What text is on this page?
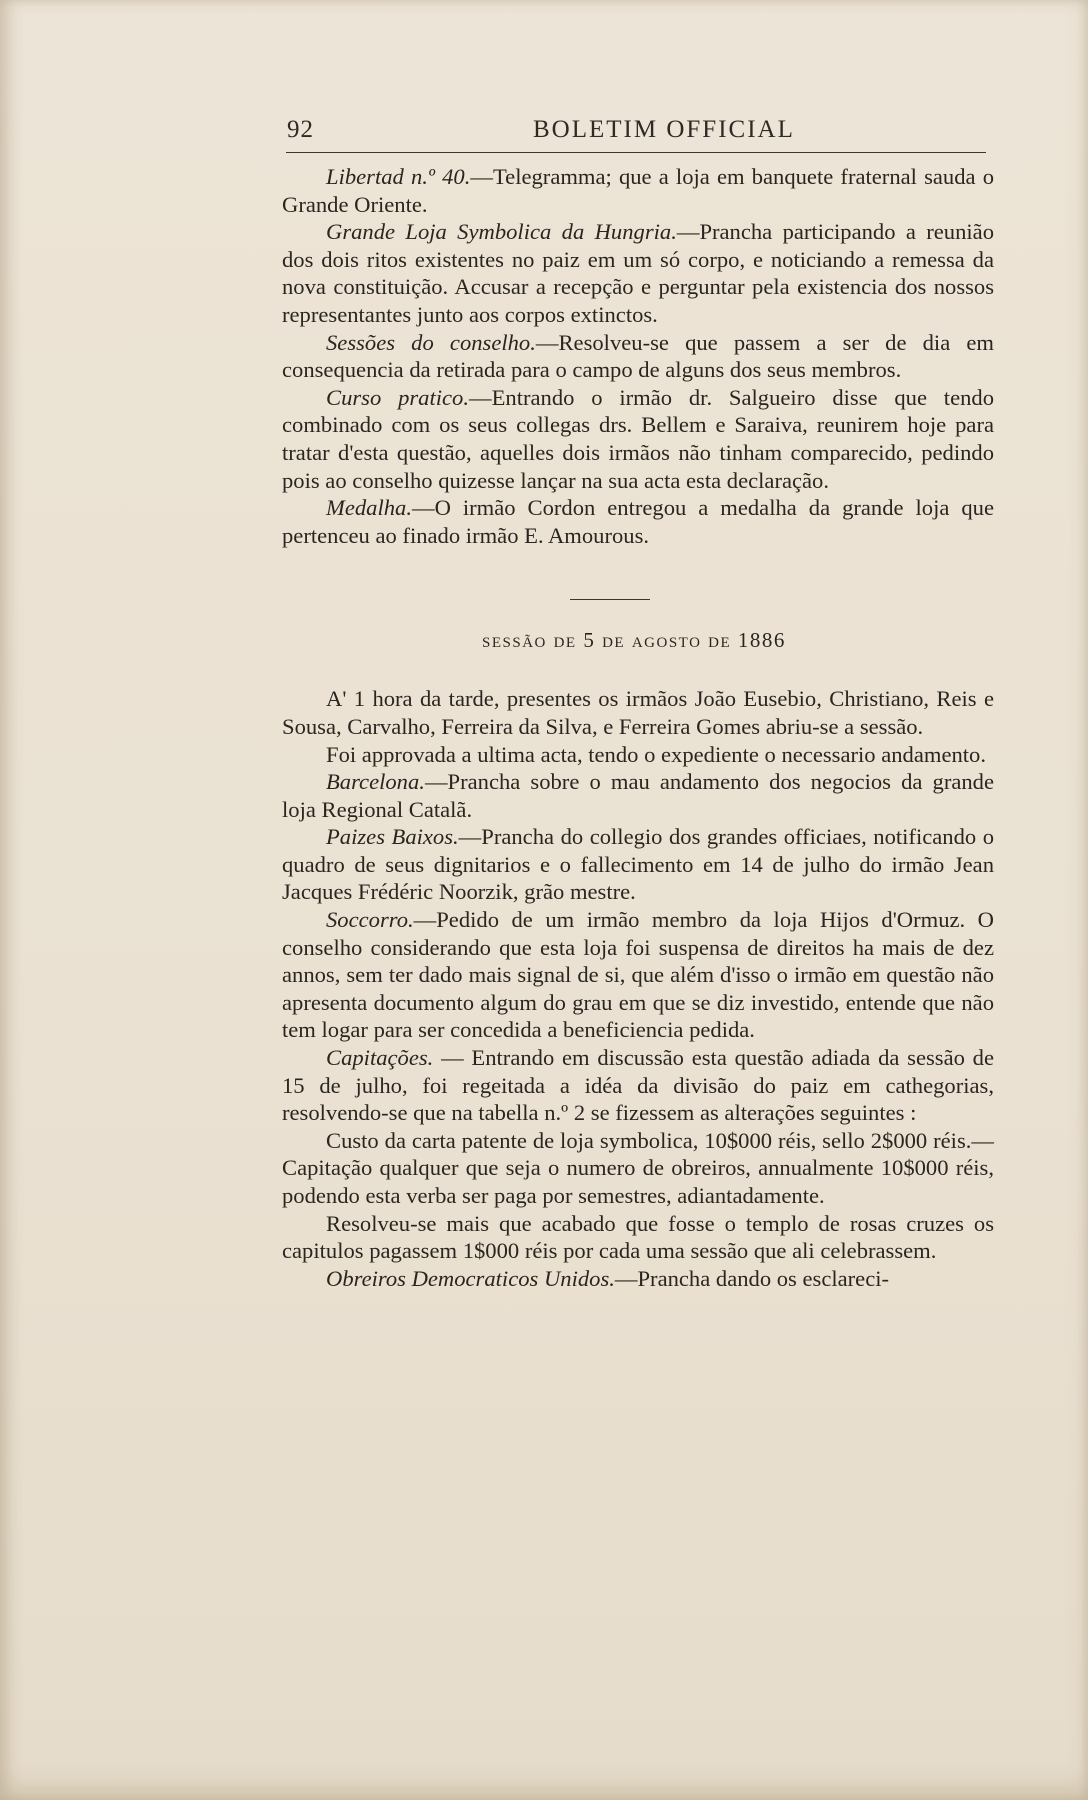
92	BOLETIM OFFICIAL

Libertad n.º 40.—Telegramma; que a loja em banquete fraternal sauda o Grande Oriente.

Grande Loja Symbolica da Hungria.—Prancha participando a reunião dos dois ritos existentes no paiz em um só corpo, e noticiando a remessa da nova constituição. Accusar a recepção e perguntar pela existencia dos nossos representantes junto aos corpos extinctos.

Sessões do conselho.—Resolveu-se que passem a ser de dia em consequencia da retirada para o campo de alguns dos seus membros.

Curso pratico.—Entrando o irmão dr. Salgueiro disse que tendo combinado com os seus collegas drs. Bellem e Saraiva, reunirem hoje para tratar d'esta questão, aquelles dois irmãos não tinham comparecido, pedindo pois ao conselho quizesse lançar na sua acta esta declaração.

Medalha.—O irmão Cordon entregou a medalha da grande loja que pertenceu ao finado irmão E. Amourous.

sessão de 5 de agosto de 1886

A' 1 hora da tarde, presentes os irmãos João Eusebio, Christiano, Reis e Sousa, Carvalho, Ferreira da Silva, e Ferreira Gomes abriu-se a sessão.

Foi approvada a ultima acta, tendo o expediente o necessario andamento.

Barcelona.—Prancha sobre o mau andamento dos negocios da grande loja Regional Catalã.

Paizes Baixos.—Prancha do collegio dos grandes officiaes, notificando o quadro de seus dignitarios e o fallecimento em 14 de julho do irmão Jean Jacques Frédéric Noorzik, grão mestre.

Soccorro.—Pedido de um irmão membro da loja Hijos d'Ormuz. O conselho considerando que esta loja foi suspensa de direitos ha mais de dez annos, sem ter dado mais signal de si, que além d'isso o irmão em questão não apresenta documento algum do grau em que se diz investido, entende que não tem logar para ser concedida a beneficiencia pedida.

Capitações. — Entrando em discussão esta questão adiada da sessão de 15 de julho, foi regeitada a idéa da divisão do paiz em cathegorias, resolvendo-se que na tabella n.º 2 se fizessem as alterações seguintes :

Custo da carta patente de loja symbolica, 10$000 réis, sello 2$000 réis.—Capitação qualquer que seja o numero de obreiros, annualmente 10$000 réis, podendo esta verba ser paga por semestres, adiantadamente.

Resolveu-se mais que acabado que fosse o templo de rosas cruzes os capitulos pagassem 1$000 réis por cada uma sessão que ali celebrassem.

Obreiros Democraticos Unidos.—Prancha dando os esclareci-
